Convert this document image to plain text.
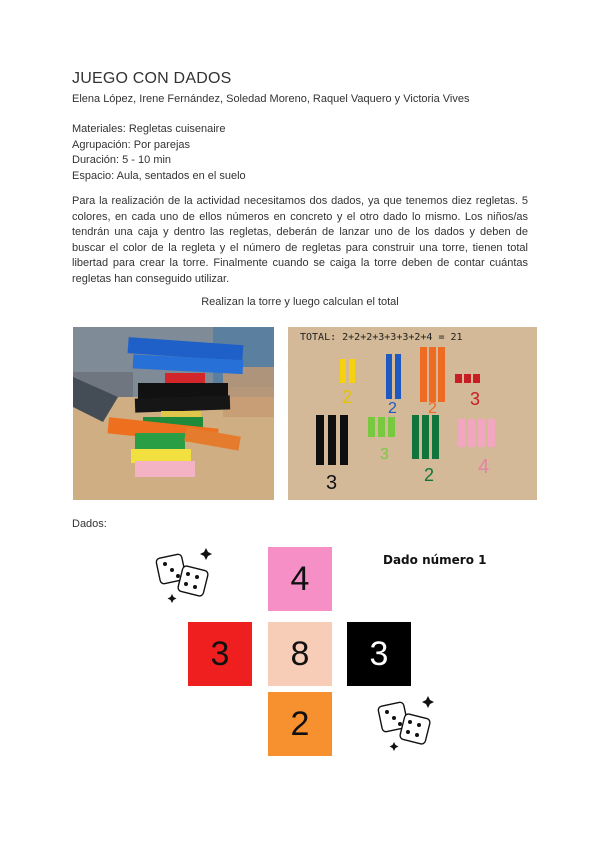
JUEGO CON DADOS
Elena López, Irene Fernández, Soledad Moreno, Raquel Vaquero y Victoria Vives
Materiales: Regletas cuisenaire
Agrupación: Por parejas
Duración: 5 - 10 min
Espacio: Aula, sentados en el suelo
Para la realización de la actividad necesitamos dos dados, ya que tenemos diez regletas. 5 colores, en cada uno de ellos números en concreto y el otro dado lo mismo. Los niños/as tendrán una caja y dentro las regletas, deberán de lanzar uno de los dados y deben de buscar el color de la regleta y el número de regletas para construir una torre, tienen total libertad para crear la torre. Finalmente cuando se caiga la torre deben de contar cuántas regletas han conseguido utilizar.
Realizan la torre y luego calculan el total
TOTAL: 2+2+2+3+3+3+2+4 = 21
2
2 2 3
3
3
2 4
Dados:
Dado número 1
4
3 8 3
2
